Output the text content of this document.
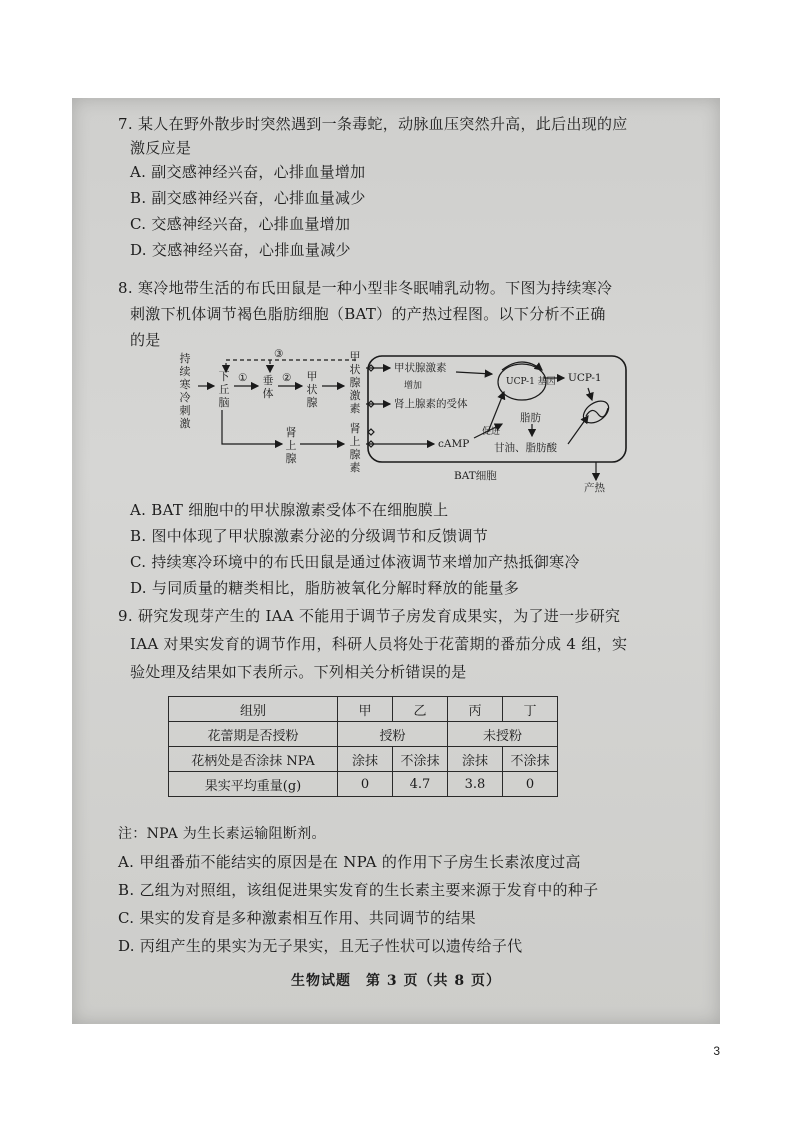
7. 某人在野外散步时突然遇到一条毒蛇，动脉血压突然升高，此后出现的应
激反应是
A. 副交感神经兴奋，心排血量增加
B. 副交感神经兴奋，心排血量减少
C. 交感神经兴奋，心排血量增加
D. 交感神经兴奋，心排血量减少
8. 寒冷地带生活的布氏田鼠是一种小型非冬眠哺乳动物。下图为持续寒冷
刺激下机体调节褐色脂肪细胞（BAT）的产热过程图。以下分析不正确
的是
持续寒冷刺激
下丘脑
垂体
甲状腺
肾上腺
甲状腺激素
肾上腺素
①	②
③
甲状腺激素
增加
肾上腺素的受体
UCP-1 基因 UCP-1
cAMP
促进
脂肪
甘油、脂肪酸
BAT细胞
产热
A. BAT 细胞中的甲状腺激素受体不在细胞膜上
B. 图中体现了甲状腺激素分泌的分级调节和反馈调节
C. 持续寒冷环境中的布氏田鼠是通过体液调节来增加产热抵御寒冷
D. 与同质量的糖类相比，脂肪被氧化分解时释放的能量多
9. 研究发现芽产生的 IAA 不能用于调节子房发育成果实，为了进一步研究
IAA 对果实发育的调节作用，科研人员将处于花蕾期的番茄分成 4 组，实
验处理及结果如下表所示。下列相关分析错误的是
组别	甲	乙	丙	丁
花蕾期是否授粉	授粉		未授粉	
花柄处是否涂抹 NPA	涂抹	不涂抹	涂抹	不涂抹
果实平均重量(g)	0	4.7	3.8	0
注：NPA 为生长素运输阻断剂。
A. 甲组番茄不能结实的原因是在 NPA 的作用下子房生长素浓度过高
B. 乙组为对照组，该组促进果实发育的生长素主要来源于发育中的种子
C. 果实的发育是多种激素相互作用、共同调节的结果
D. 丙组产生的果实为无子果实，且无子性状可以遗传给子代
生物试题　第 3 页（共 8 页）
3
